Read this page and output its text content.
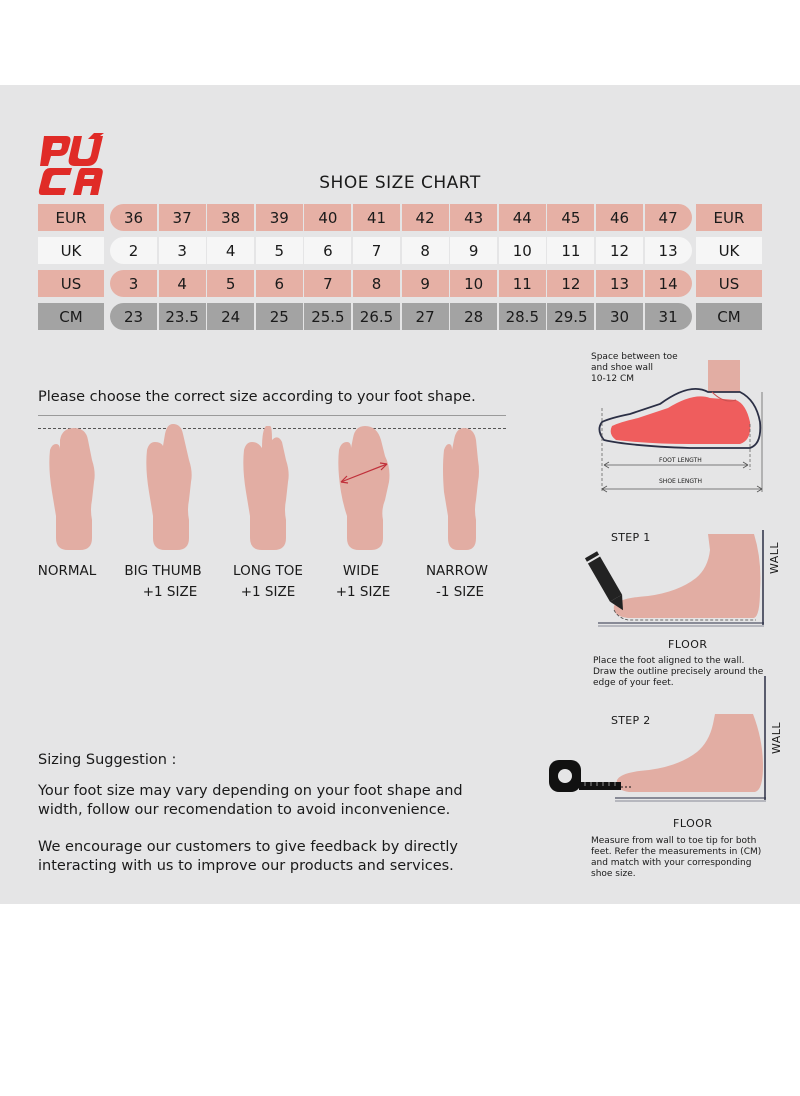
SHOE SIZE CHART
EUR	36	37	38	39	40	41	42	43	44	45	46	47	EUR
UK	2	3	4	5	6	7	8	9	10	11	12	13	UK
US	3	4	5	6	7	8	9	10	11	12	13	14	US
CM	23	23.5	24	25	25.5	26.5	27	28	28.5	29.5	30	31	CM
Please choose the correct size according to your foot shape.
NORMAL	BIG THUMB
+1 SIZE
LONG TOE
+1 SIZE
WIDE
+1 SIZE
NARROW
-1 SIZE
Space between toe
and shoe wall
10-12 CM
FOOT LENGTH
SHOE LENGTH
STEP 1
WALL
FLOOR
Place the foot aligned to the wall.
Draw the outline precisely around the
edge of your feet.
STEP 2
WALL
FLOOR
Measure from wall to toe tip for both
feet. Refer the measurements in (CM)
and match with your corresponding
shoe size.
Sizing Suggestion :
Your foot size may vary depending on your foot shape and
width, follow our recomendation to avoid inconvenience.
We encourage our customers to give feedback by directly
interacting with us to improve our products and services.
